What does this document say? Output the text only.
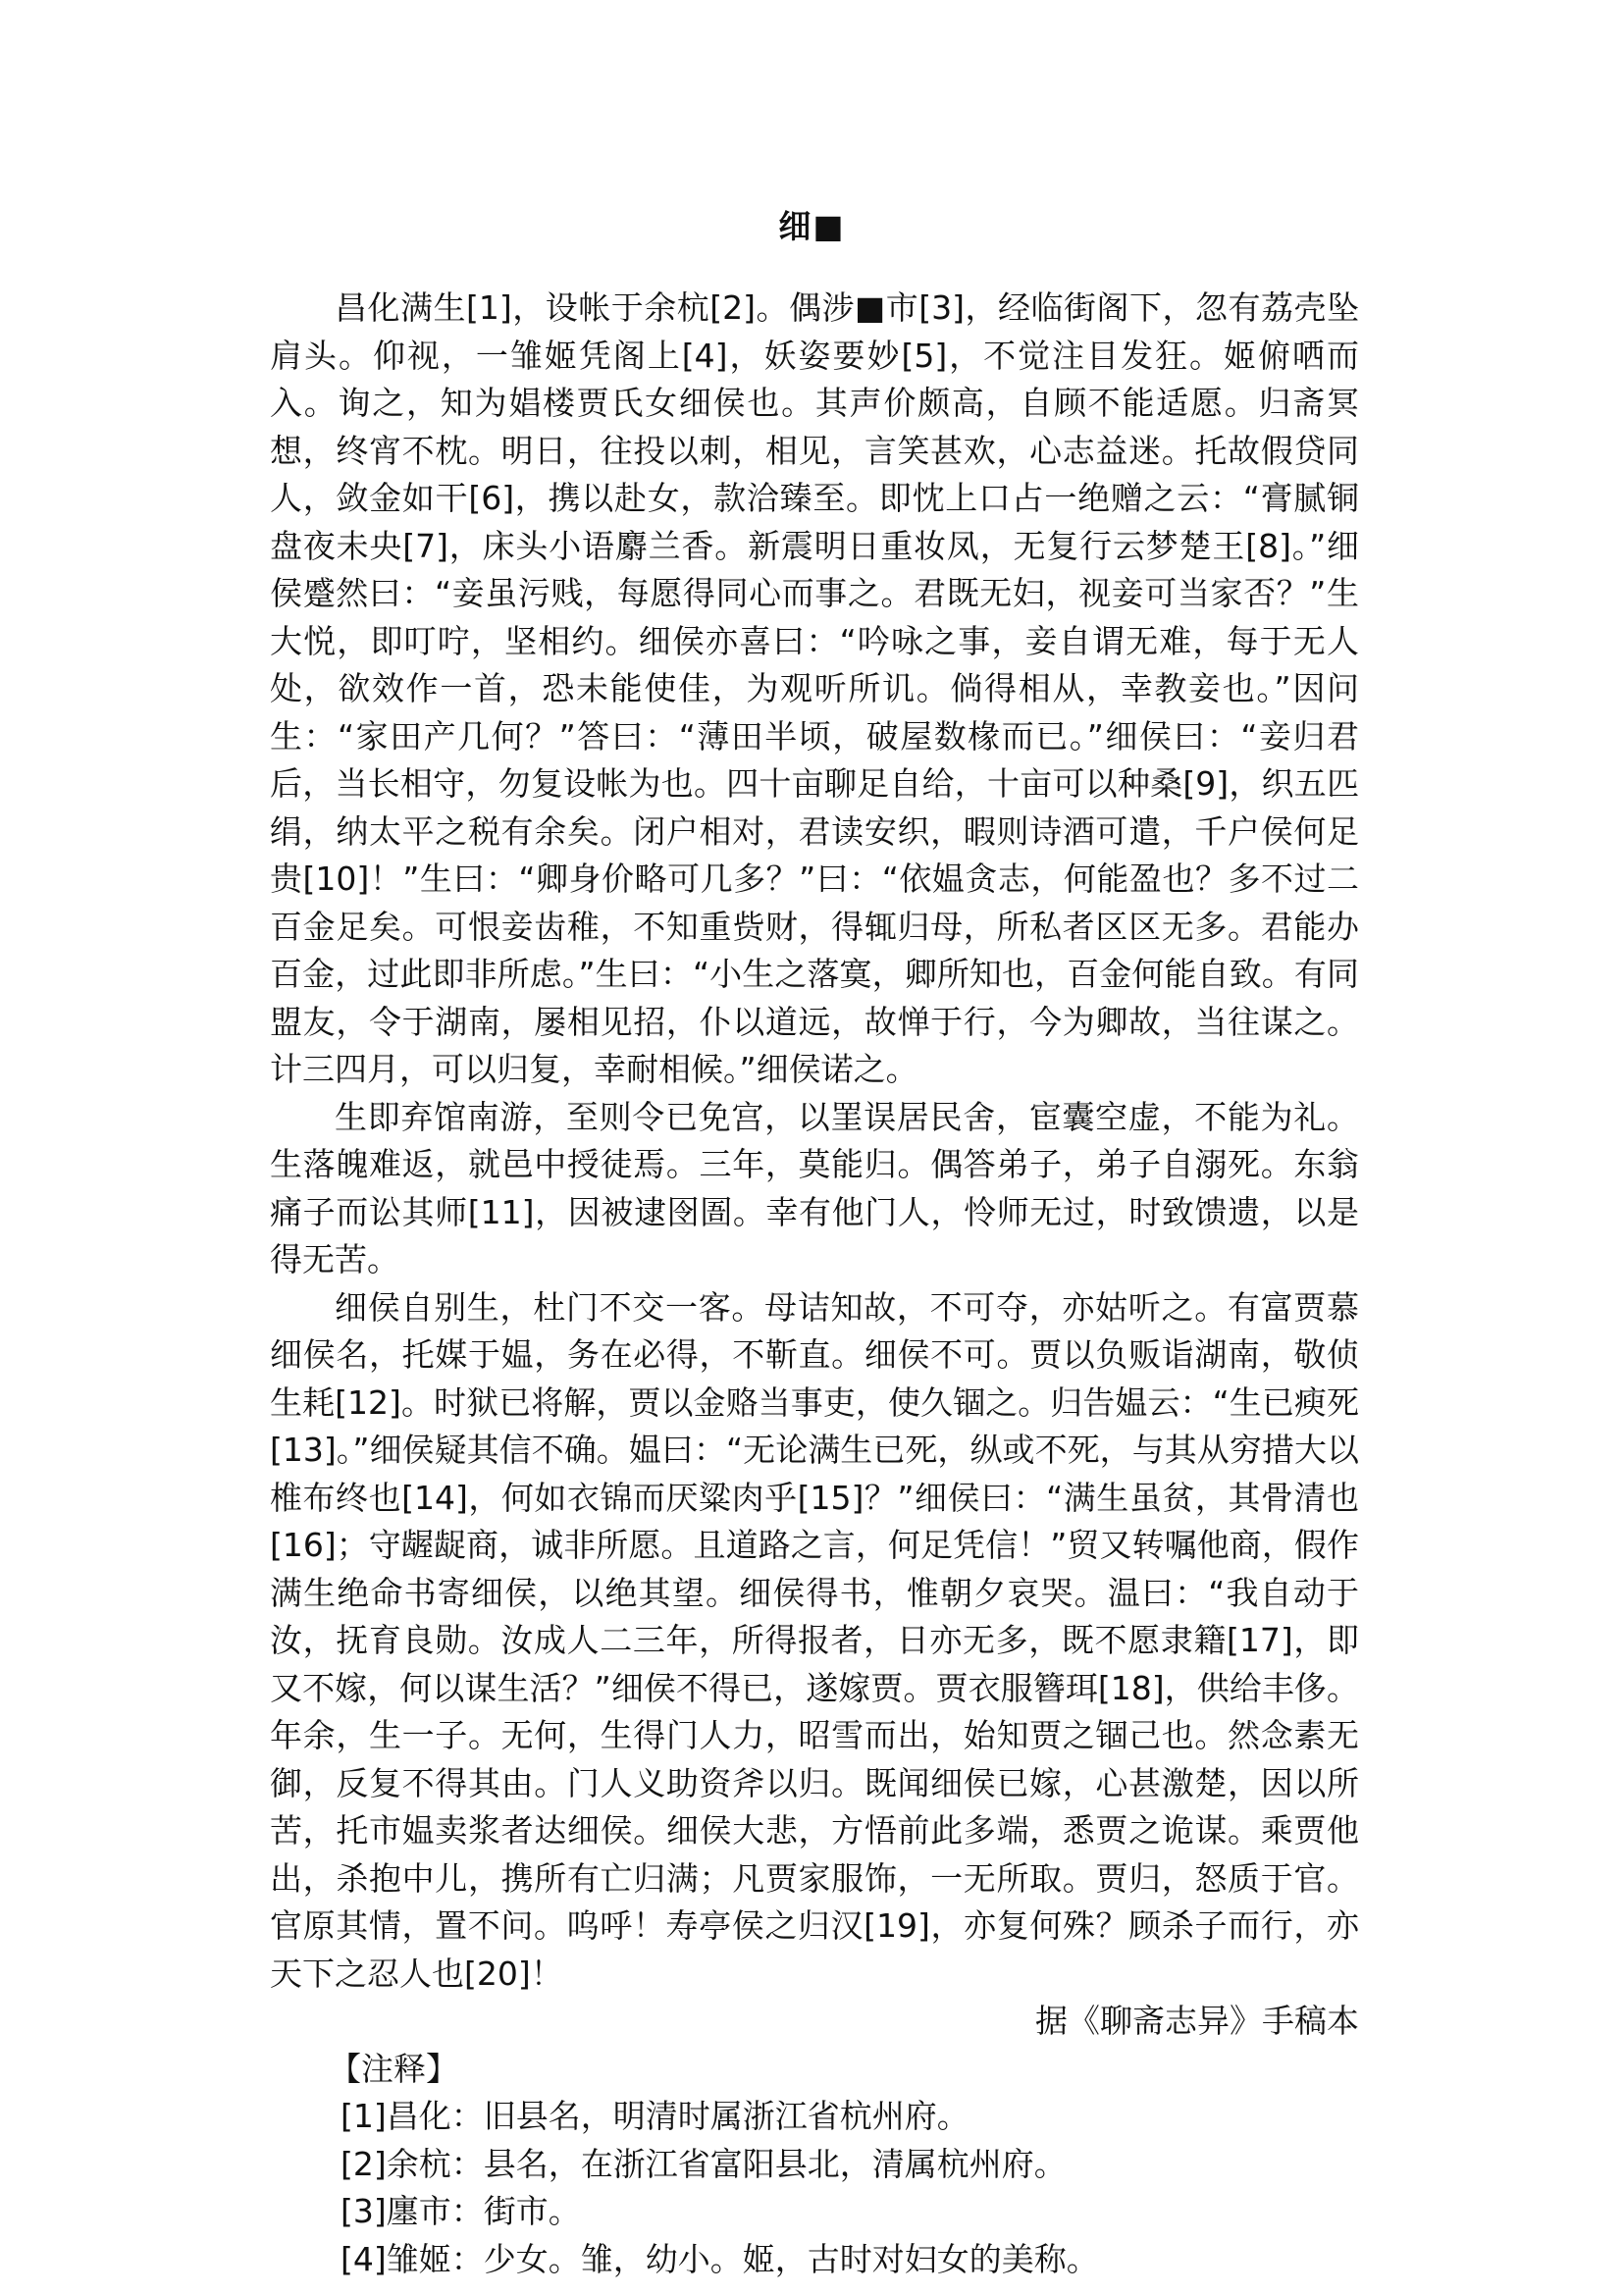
细■

昌化满生[1]，设帐于余杭[2]。偶涉■市[3]，经临街阁下，忽有荔壳坠肩头。仰视，一雏姬凭阁上[4]，妖姿要妙[5]，不觉注目发狂。姬俯哂而入。询之，知为娼楼贾氏女细侯也。其声价颇高，自顾不能适愿。归斋冥想，终宵不枕。明日，往投以刺，相见，言笑甚欢，心志益迷。托故假贷同人，敛金如干[6]，携以赴女，款洽臻至。即忱上口占一绝赠之云：“膏腻铜盘夜未央[7]，床头小语麝兰香。新震明日重妆凤，无复行云梦楚王[8]。”细侯蹙然曰：“妾虽污贱，每愿得同心而事之。君既无妇，视妾可当家否？”生大悦，即叮咛，坚相约。细侯亦喜曰：“吟咏之事，妾自谓无难，每于无人处，欲效作一首，恐未能使佳，为观听所讥。倘得相从，幸教妾也。”因问生：“家田产几何？”答曰：“薄田半顷，破屋数椽而已。”细侯曰：“妾归君后，当长相守，勿复设帐为也。四十亩聊足自给，十亩可以种桑[9]，织五匹绢，纳太平之税有余矣。闭户相对，君读安织，暇则诗酒可遣，千户侯何足贵[10]！”生曰：“卿身价略可几多？”曰：“依媪贪志，何能盈也？多不过二百金足矣。可恨妾齿稚，不知重赀财，得辄归母，所私者区区无多。君能办百金，过此即非所虑。”生曰：“小生之落寞，卿所知也，百金何能自致。有同盟友，令于湖南，屡相见招，仆以道远，故惮于行，今为卿故，当往谋之。计三四月，可以归复，幸耐相候。”细侯诺之。

生即弃馆南游，至则令已免宫，以罣误居民舍，宦囊空虚，不能为礼。生落魄难返，就邑中授徒焉。三年，莫能归。偶答弟子，弟子自溺死。东翁痛子而讼其师[11]，因被逮囹圄。幸有他门人，怜师无过，时致馈遗，以是得无苦。

细侯自别生，杜门不交一客。母诘知故，不可夺，亦姑听之。有富贾慕细侯名，托媒于媪，务在必得，不靳直。细侯不可。贾以负贩诣湖南，敬侦生耗[12]。时狱已将解，贾以金赂当事吏，使久锢之。归告媪云：“生已瘐死[13]。”细侯疑其信不确。媪曰：“无论满生已死，纵或不死，与其从穷措大以椎布终也[14]，何如衣锦而厌粱肉乎[15]？”细侯曰：“满生虽贫，其骨清也[16]；守龌龊商，诚非所愿。且道路之言，何足凭信！”贸又转嘱他商，假作满生绝命书寄细侯，以绝其望。细侯得书，惟朝夕哀哭。温曰：“我自动于汝，抚育良勋。汝成人二三年，所得报者，日亦无多，既不愿隶籍[17]，即又不嫁，何以谋生活？”细侯不得已，遂嫁贾。贾衣服簪珥[18]，供给丰侈。年余，生一子。无何，生得门人力，昭雪而出，始知贾之锢己也。然念素无御，反复不得其由。门人义助资斧以归。既闻细侯已嫁，心甚激楚，因以所苦，托市媪卖浆者达细侯。细侯大悲，方悟前此多端，悉贾之诡谋。乘贾他出，杀抱中儿，携所有亡归满；凡贾家服饰，一无所取。贾归，怒质于官。官原其情，置不问。呜呼！寿亭侯之归汉[19]，亦复何殊？顾杀子而行，亦天下之忍人也[20]！

据《聊斋志异》手稿本
【注释】
[1]昌化：旧县名，明清时属浙江省杭州府。
[2]余杭：县名，在浙江省富阳县北，清属杭州府。
[3]廛市：街市。
[4]雏姬：少女。雏，幼小。姬，古时对妇女的美称。
